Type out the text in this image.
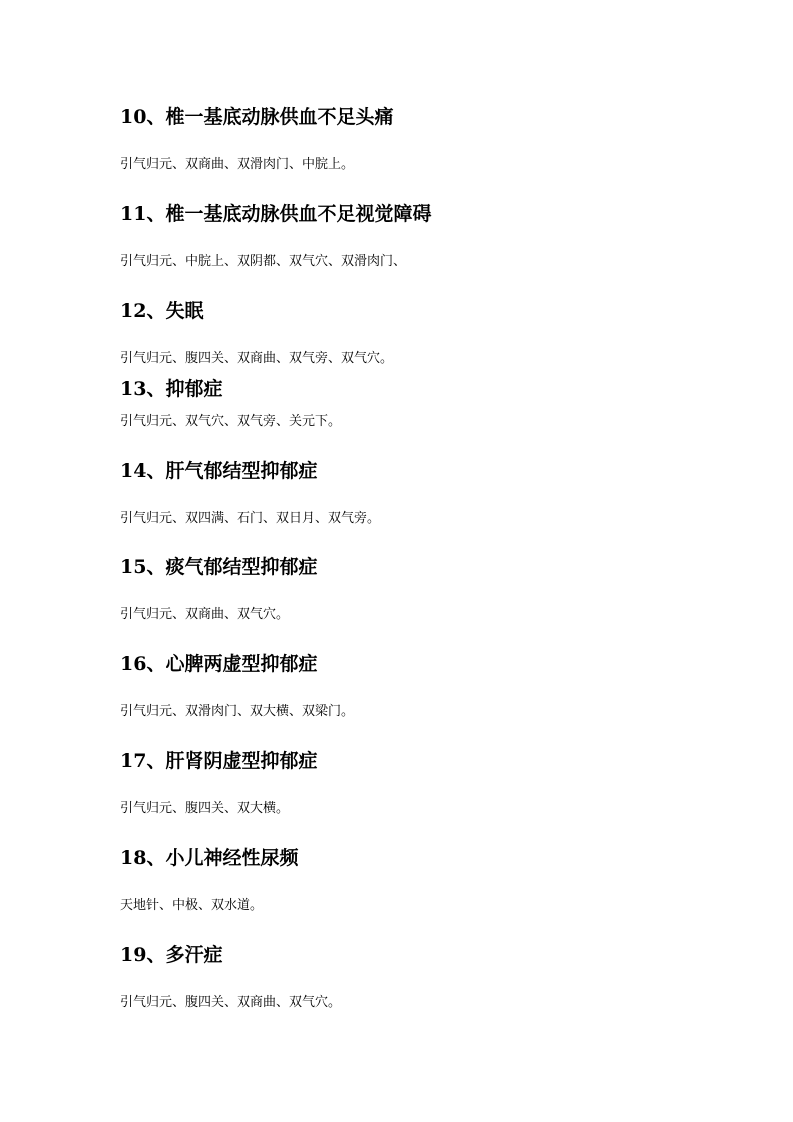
10、椎一基底动脉供血不足头痛

引气归元、双商曲、双滑肉门、中脘上。

11、椎一基底动脉供血不足视觉障碍

引气归元、中脘上、双阴都、双气穴、双滑肉门、

12、失眠

引气归元、腹四关、双商曲、双气旁、双气穴。

13、抑郁症

引气归元、双气穴、双气旁、关元下。

14、肝气郁结型抑郁症

引气归元、双四满、石门、双日月、双气旁。

15、痰气郁结型抑郁症

引气归元、双商曲、双气穴。

16、心脾两虚型抑郁症

引气归元、双滑肉门、双大横、双梁门。

17、肝肾阴虚型抑郁症

引气归元、腹四关、双大横。

18、小儿神经性尿频

天地针、中极、双水道。

19、多汗症

引气归元、腹四关、双商曲、双气穴。
